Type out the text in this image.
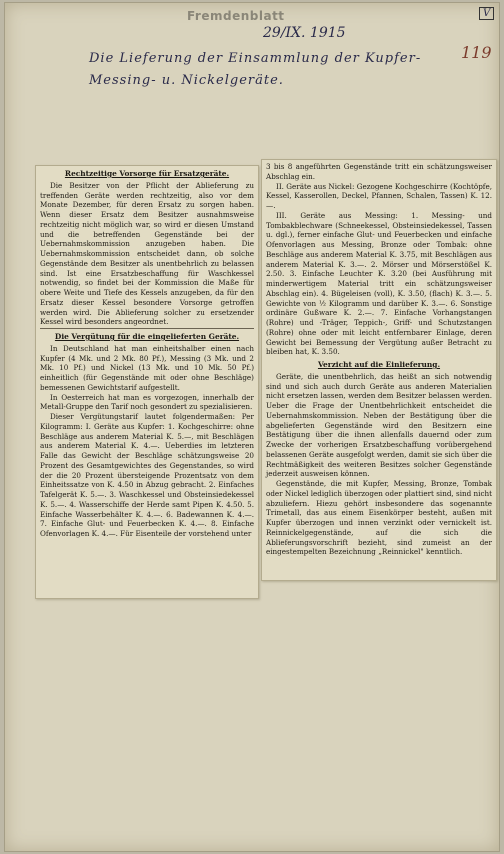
Fremdenblatt	V
29/IX. 1915
119
Die Lieferung der Einsammlung der Kupfer-
Messing- u. Nickelgeräte.
Rechtzeitige Vorsorge für Ersatzgeräte.

Die Besitzer von der Pflicht der Ablieferung zu treffenden Geräte werden rechtzeitig, also vor dem Monate Dezember, für deren Ersatz zu sorgen haben. Wenn dieser Ersatz dem Besitzer ausnahmsweise rechtzeitig nicht möglich war, so wird er diesen Umstand und die betreffenden Gegenstände bei der Uebernahmskommission anzugeben haben. Die Uebernahmskommission entscheidet dann, ob solche Gegenstände dem Besitzer als unentbehrlich zu belassen sind. Ist eine Ersatzbeschaffung für Waschkessel notwendig, so findet bei der Kommission die Maße für obere Weite und Tiefe des Kessels anzugeben, da für den Ersatz dieser Kessel besondere Vorsorge getroffen werden wird. Die Ablieferung solcher zu ersetzender Kessel wird besonders angeordnet.

Die Vergütung für die eingelieferten Geräte.

In Deutschland hat man einheitshalber einen nach Kupfer (4 Mk. und 2 Mk. 80 Pf.), Messing (3 Mk. und 2 Mk. 10 Pf.) und Nickel (13 Mk. und 10 Mk. 50 Pf.) einheitlich (für Gegenstände mit oder ohne Beschläge) bemessenen Gewichtstarif aufgestellt.

In Oesterreich hat man es vorgezogen, innerhalb der Metall-Gruppe den Tarif noch gesondert zu spezialisieren.

Dieser Vergütungstarif lautet folgendermaßen: Per Kilogramm: I. Geräte aus Kupfer: 1. Kochgeschirre: ohne Beschläge aus anderem Material K. 5.—, mit Beschlägen aus anderem Material K. 4.—. Ueberdies im letzteren Falle das Gewicht der Beschläge schätzungsweise 20 Prozent des Gesamtgewichtes des Gegenstandes, so wird der die 20 Prozent übersteigende Prozentsatz von dem Einheitssatze von K. 4.50 in Abzug gebracht. 2. Einfaches Tafelgerät K. 5.—. 3. Waschkessel und Obsteinsiedekessel K. 5.—. 4. Wasserschiffe der Herde samt Pipen K. 4.50. 5. Einfache Wasserbehälter K. 4.—. 6. Badewannen K. 4.—. 7. Einfache Glut- und Feuerbecken K. 4.—. 8. Einfache Ofenvorlagen K. 4.—. Für Eisenteile der vorstehend unter

3 bis 8 angeführten Gegenstände tritt ein schätzungsweiser Abschlag ein.

II. Geräte aus Nickel: Gezogene Kochgeschirre (Kochtöpfe, Kessel, Kasserollen, Deckel, Pfannen, Schalen, Tassen) K. 12.—.

III. Geräte aus Messing: 1. Messing- und Tombakblechware (Schneekessel, Obsteinsiedekessel, Tassen u. dgl.), ferner einfache Glut- und Feuerbecken und einfache Ofenvorlagen aus Messing, Bronze oder Tombak: ohne Beschläge aus anderem Material K. 3.75, mit Beschlägen aus anderem Material K. 3.—. 2. Mörser und Mörserstößel K. 2.50. 3. Einfache Leuchter K. 3.20 (bei Ausführung mit minderwertigem Material tritt ein schätzungsweiser Abschlag ein). 4. Bügeleisen (voll), K. 3.50, (flach) K. 3.—. 5. Gewichte von ½ Kilogramm und darüber K. 3.—. 6. Sonstige ordinäre Gußware K. 2.—. 7. Einfache Vorhangstangen (Rohre) und -Träger, Teppich-, Griff- und Schutzstangen (Rohre) ohne oder mit leicht entfernbarer Einlage, deren Gewicht bei Bemessung der Vergütung außer Betracht zu bleiben hat, K. 3.50.

Verzicht auf die Einlieferung.

Geräte, die unentbehrlich, das heißt an sich notwendig sind und sich auch durch Geräte aus anderen Materialien nicht ersetzen lassen, werden dem Besitzer belassen werden. Ueber die Frage der Unentbehrlichkeit entscheidet die Uebernahmskommission. Neben der Bestätigung über die abgelieferten Gegenstände wird den Besitzern eine Bestätigung über die ihnen allenfalls dauernd oder zum Zwecke der vorherigen Ersatzbeschaffung vorübergehend belassenen Geräte ausgefolgt werden, damit sie sich über die Rechtmäßigkeit des weiteren Besitzes solcher Gegenstände jederzeit ausweisen können.

Gegenstände, die mit Kupfer, Messing, Bronze, Tombak oder Nickel lediglich überzogen oder plattiert sind, sind nicht abzuliefern. Hiezu gehört insbesondere das sogenannte Trimetall, das aus einem Eisenkörper besteht, außen mit Kupfer überzogen und innen verzinkt oder vernickelt ist. Reinnickelgegenstände, auf die sich die Ablieferungsvorschrift bezieht, sind zumeist an der eingestempelten Bezeichnung „Reinnickel" kenntlich.
